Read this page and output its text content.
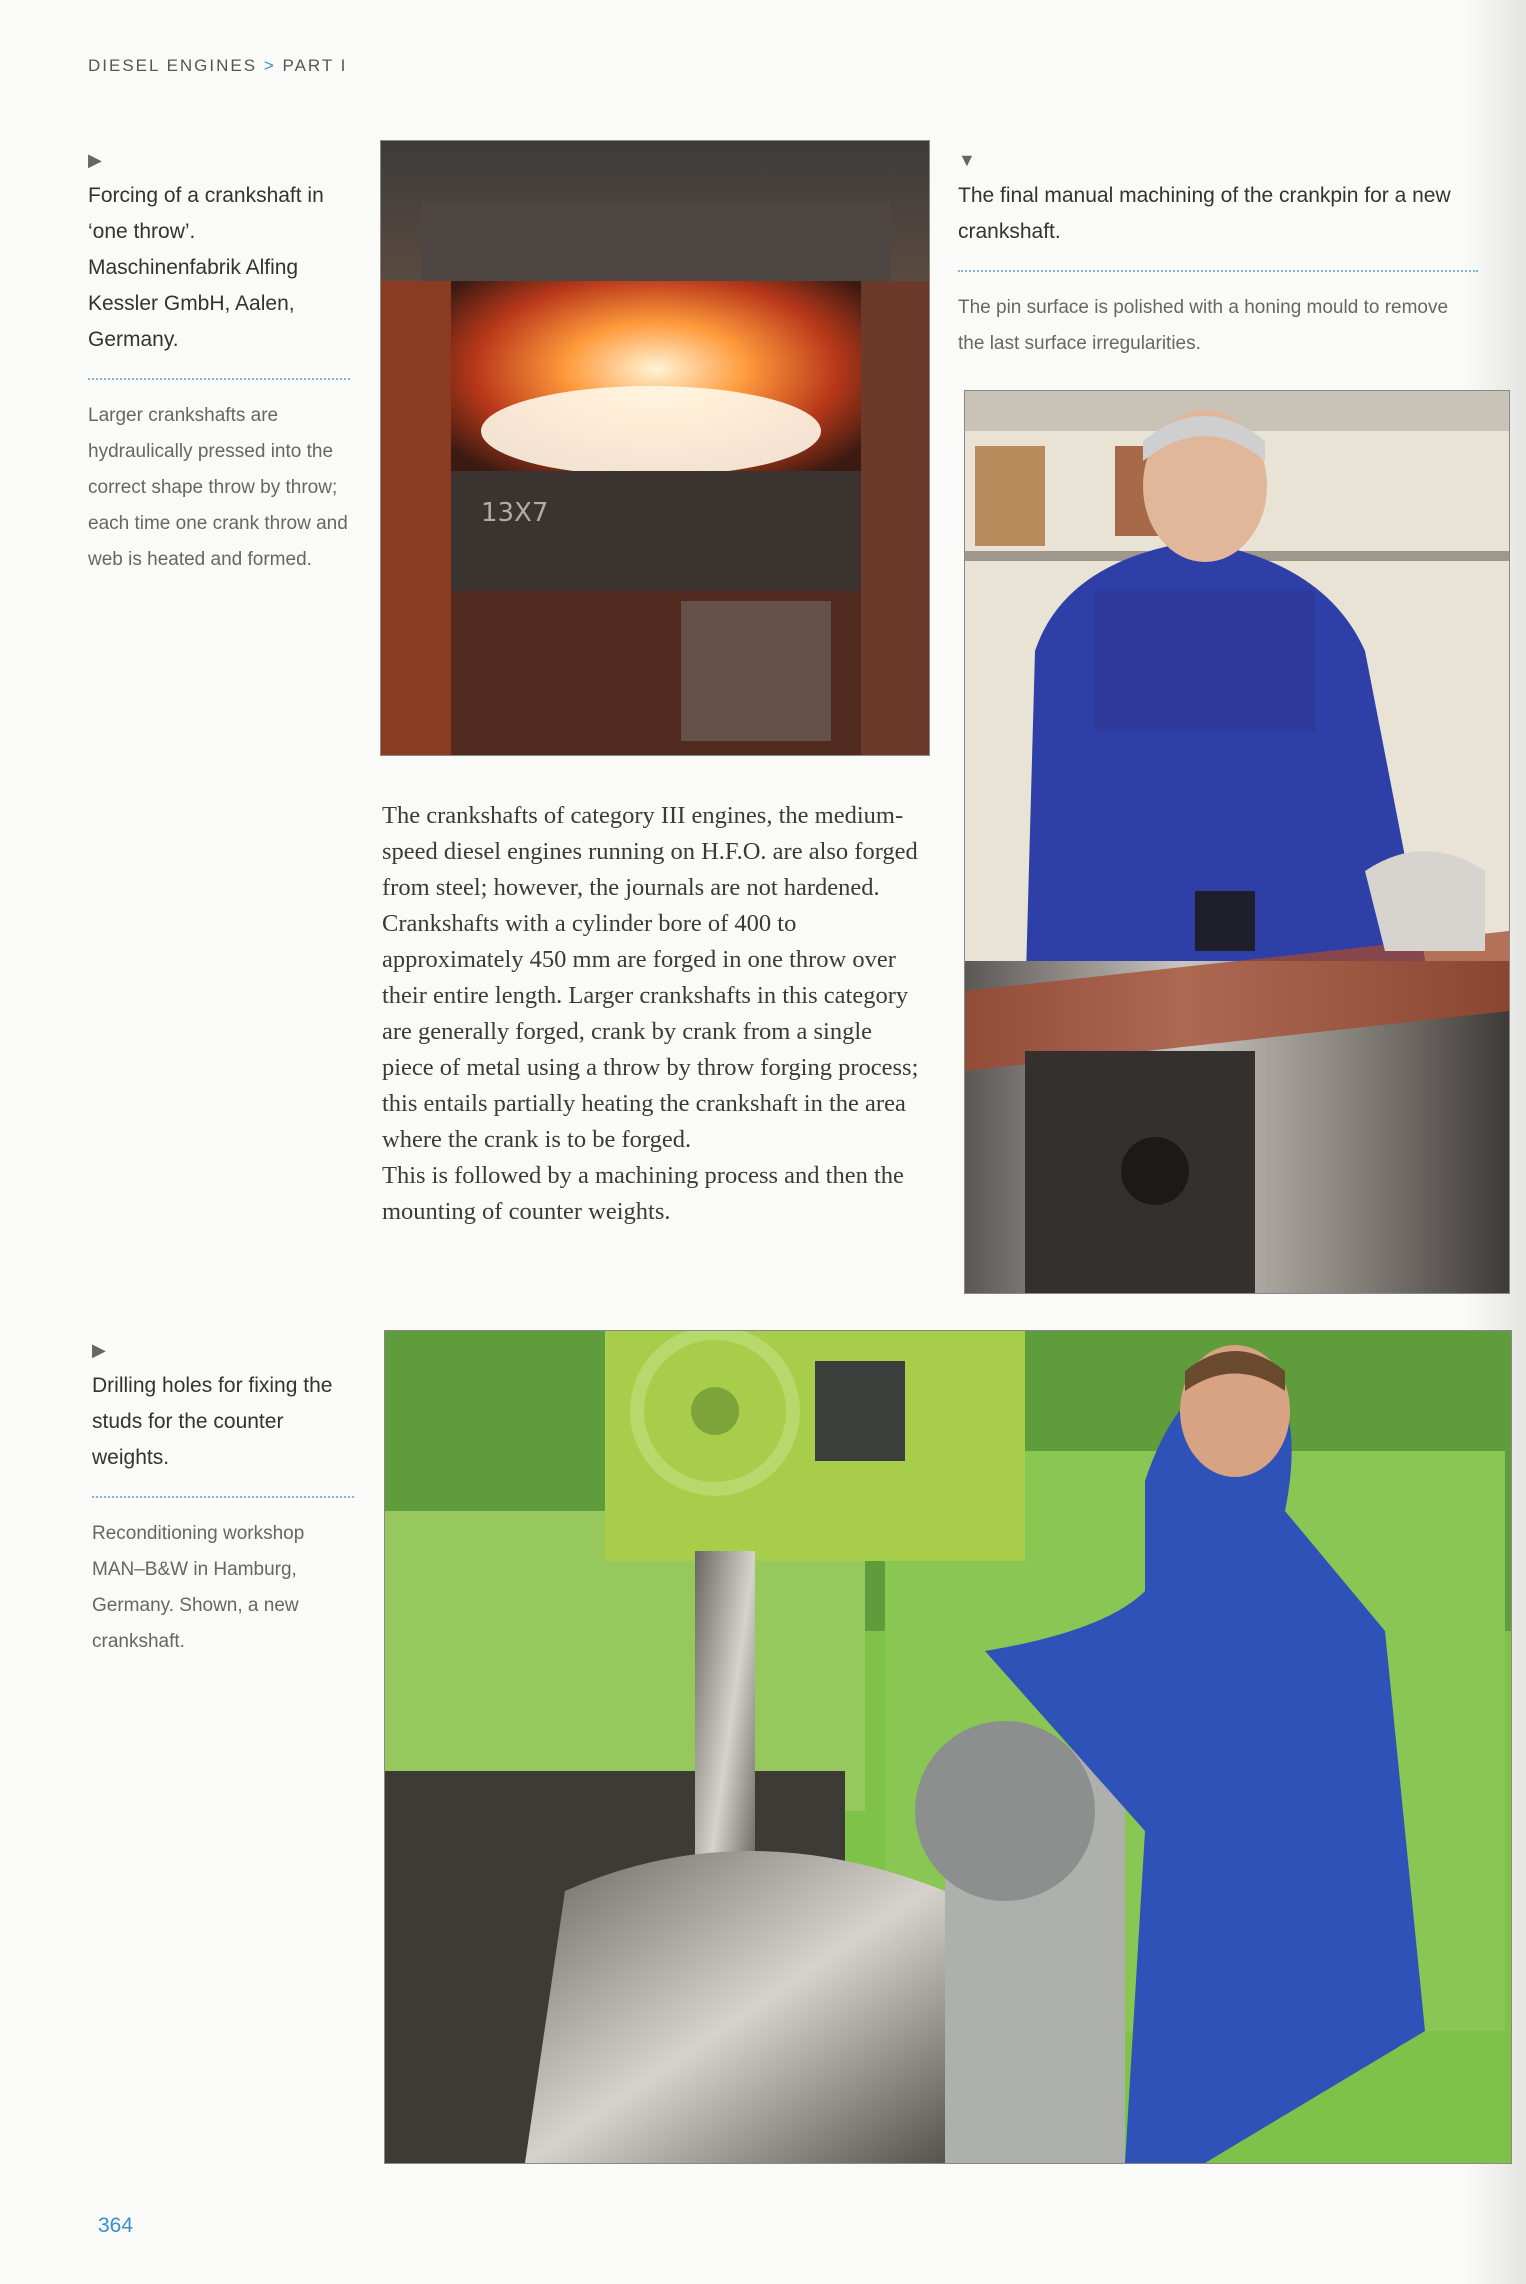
DIESEL ENGINES > PART I
▶
Forcing of a crankshaft in ‘one throw’. Maschinenfabrik Alfing Kessler GmbH, Aalen, Germany.
Larger crankshafts are hydraulically pressed into the correct shape throw by throw; each time one crank throw and web is heated and formed.
13X7
▼
The final manual machining of the crankpin for a new crankshaft.
The pin surface is polished with a honing mould to remove the last surface irregularities.

The crankshafts of category III engines, the medium-speed diesel engines running on H.F.O. are also forged from steel; however, the journals are not hardened. Crankshafts with a cylinder bore of 400 to approximately 450 mm are forged in one throw over their entire length. Larger crankshafts in this category are generally forged, crank by crank from a single piece of metal using a throw by throw forging process; this entails partially heating the crankshaft in the area where the crank is to be forged.

This is followed by a machining process and then the mounting of counter weights.

▶
Drilling holes for fixing the studs for the counter weights.
Reconditioning workshop MAN–B&W in Hamburg, Germany. Shown, a new crankshaft.
364
